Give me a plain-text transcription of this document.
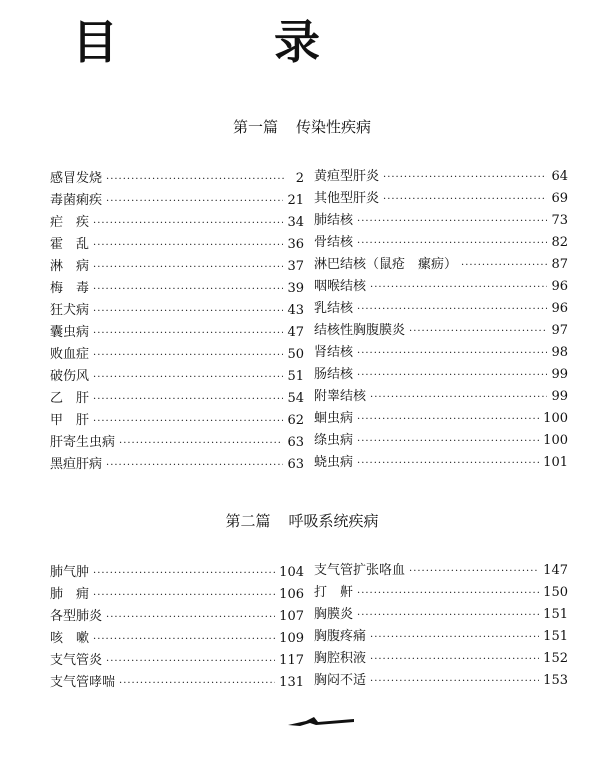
目 录
第一篇 传染性疾病
感冒发烧 ·····	2
毒菌痢疾 ·····	21
疟　疾 ·····	34
霍　乱 ·····	36
淋　病 ·····	37
梅　毒 ·····	39
狂犬病 ·····	43
囊虫病 ·····	47
败血症 ·····	50
破伤风 ·····	51
乙　肝 ·····	54
甲　肝 ·····	62
肝寄生虫病 ·····	63
黑疸肝病 ·····	63
黄疸型肝炎 ·····	64
其他型肝炎 ·····	69
肺结核 ·····	73
骨结核 ·····	82
淋巴结核（鼠疮　瘰疬） ·····	87
咽喉结核 ·····	96
乳结核 ·····	96
结核性胸腹膜炎 ·····	97
肾结核 ·····	98
肠结核 ·····	99
附睾结核 ·····	99
蛔虫病 ·····	100
绦虫病 ·····	100
蛲虫病 ·····	101
第二篇 呼吸系统疾病
肺气肿 ·····	104
肺　痈 ·····	106
各型肺炎 ·····	107
咳　嗽 ·····	109
支气管炎 ·····	117
支气管哮喘 ·····	131
支气管扩张咯血 ·····	147
打　鼾 ·····	150
胸膜炎 ·····	151
胸腹疼痛 ·····	151
胸腔积液 ·····	152
胸闷不适 ·····	153
